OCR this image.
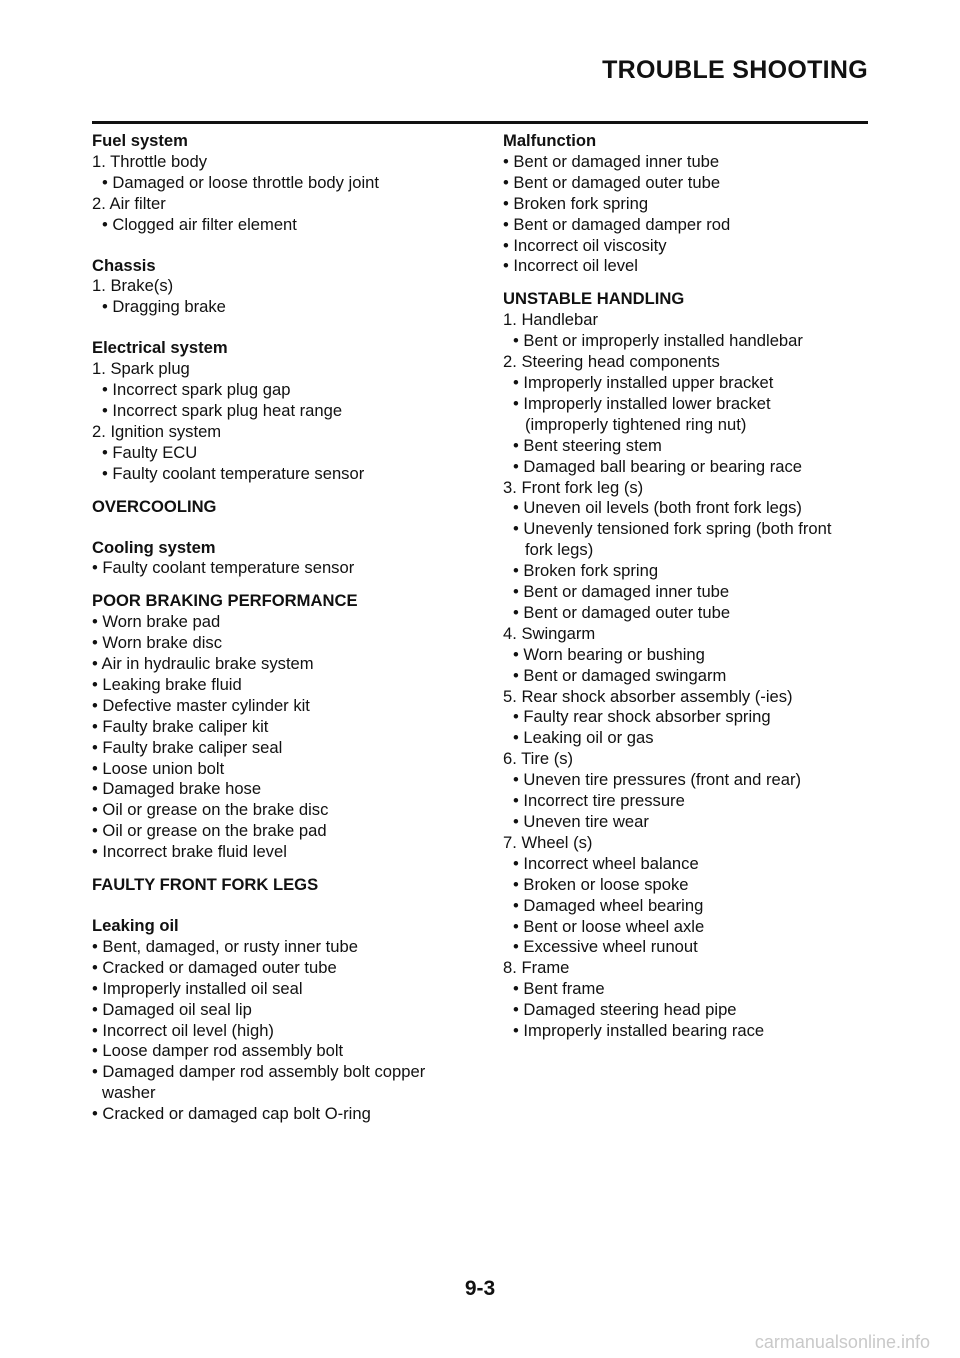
TROUBLE SHOOTING
Fuel system
1. Throttle body
• Damaged or loose throttle body joint
2. Air filter
• Clogged air filter element
Chassis
1. Brake(s)
• Dragging brake
Electrical system
1. Spark plug
• Incorrect spark plug gap
• Incorrect spark plug heat range
2. Ignition system
• Faulty ECU
• Faulty coolant temperature sensor
OVERCOOLING
Cooling system
• Faulty coolant temperature sensor
POOR BRAKING PERFORMANCE
• Worn brake pad
• Worn brake disc
• Air in hydraulic brake system
• Leaking brake fluid
• Defective master cylinder kit
• Faulty brake caliper kit
• Faulty brake caliper seal
• Loose union bolt
• Damaged brake hose
• Oil or grease on the brake disc
• Oil or grease on the brake pad
• Incorrect brake fluid level
FAULTY FRONT FORK LEGS
Leaking oil
• Bent, damaged, or rusty inner tube
• Cracked or damaged outer tube
• Improperly installed oil seal
• Damaged oil seal lip
• Incorrect oil level (high)
• Loose damper rod assembly bolt
• Damaged damper rod assembly bolt copper
washer
• Cracked or damaged cap bolt O-ring
Malfunction
• Bent or damaged inner tube
• Bent or damaged outer tube
• Broken fork spring
• Bent or damaged damper rod
• Incorrect oil viscosity
• Incorrect oil level
UNSTABLE HANDLING
1. Handlebar
• Bent or improperly installed handlebar
2. Steering head components
• Improperly installed upper bracket
• Improperly installed lower bracket
(improperly tightened ring nut)
• Bent steering stem
• Damaged ball bearing or bearing race
3. Front fork leg (s)
• Uneven oil levels (both front fork legs)
• Unevenly tensioned fork spring (both front
fork legs)
• Broken fork spring
• Bent or damaged inner tube
• Bent or damaged outer tube
4. Swingarm
• Worn bearing or bushing
• Bent or damaged swingarm
5. Rear shock absorber assembly (-ies)
• Faulty rear shock absorber spring
• Leaking oil or gas
6. Tire (s)
• Uneven tire pressures (front and rear)
• Incorrect tire pressure
• Uneven tire wear
7. Wheel (s)
• Incorrect wheel balance
• Broken or loose spoke
• Damaged wheel bearing
• Bent or loose wheel axle
• Excessive wheel runout
8. Frame
• Bent frame
• Damaged steering head pipe
• Improperly installed bearing race
9-3
carmanualsonline.info
